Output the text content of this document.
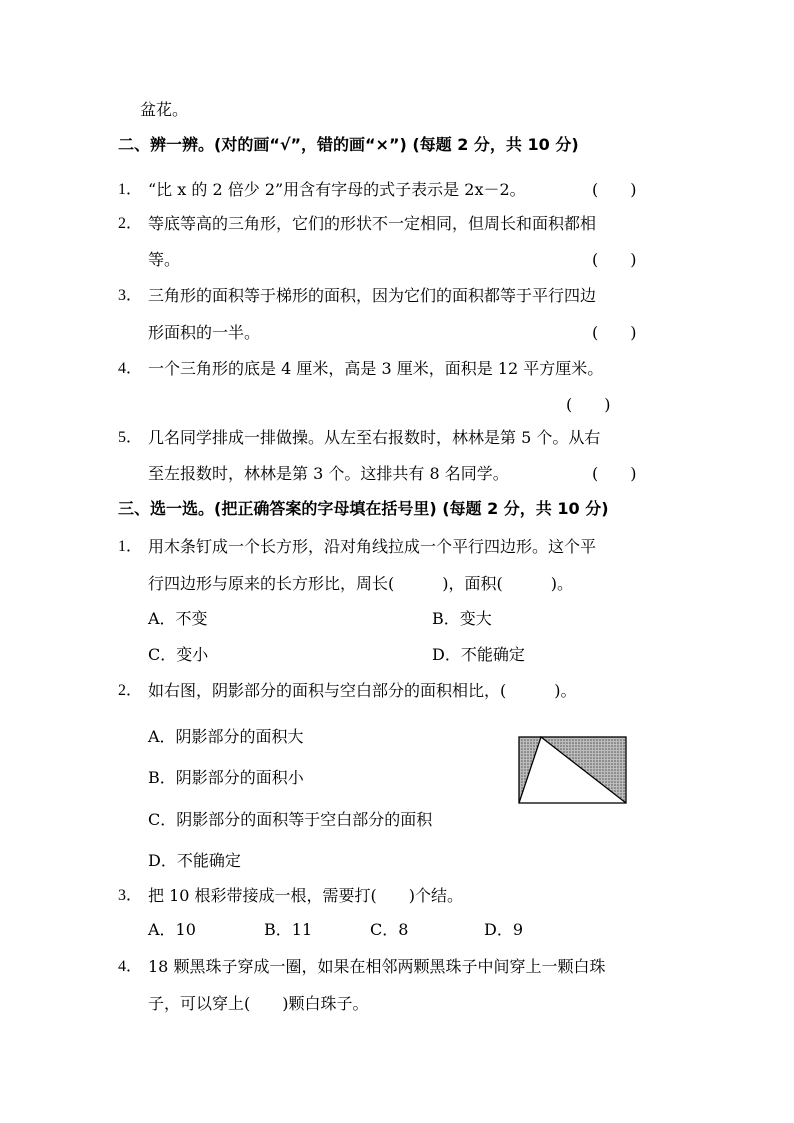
盆花。
二、辨一辨。(对的画“√”，错的画“×”) (每题 2 分，共 10 分)
1． “比 x 的 2 倍少 2”用含有字母的式子表示是 2x－2。	(　　)
2． 等底等高的三角形，它们的形状不一定相同，但周长和面积都相
等。	(　　)
3． 三角形的面积等于梯形的面积，因为它们的面积都等于平行四边
形面积的一半。	(　　)
4． 一个三角形的底是 4 厘米，高是 3 厘米，面积是 12 平方厘米。
(　　)
5． 几名同学排成一排做操。从左至右报数时，林林是第 5 个。从右
至左报数时，林林是第 3 个。这排共有 8 名同学。	(　　)
三、选一选。(把正确答案的字母填在括号里) (每题 2 分，共 10 分)
1． 用木条钉成一个长方形，沿对角线拉成一个平行四边形。这个平
行四边形与原来的长方形比，周长(　　　)，面积(　　　)。
A．不变	B．变大
C．变小	D．不能确定
2． 如右图，阴影部分的面积与空白部分的面积相比，(　　　)。
A．阴影部分的面积大
B．阴影部分的面积小
C．阴影部分的面积等于空白部分的面积
D．不能确定
3． 把 10 根彩带接成一根，需要打(　　)个结。
A．10	B．11	C．8	D．9
4． 18 颗黑珠子穿成一圈，如果在相邻两颗黑珠子中间穿上一颗白珠
子，可以穿上(　　)颗白珠子。
